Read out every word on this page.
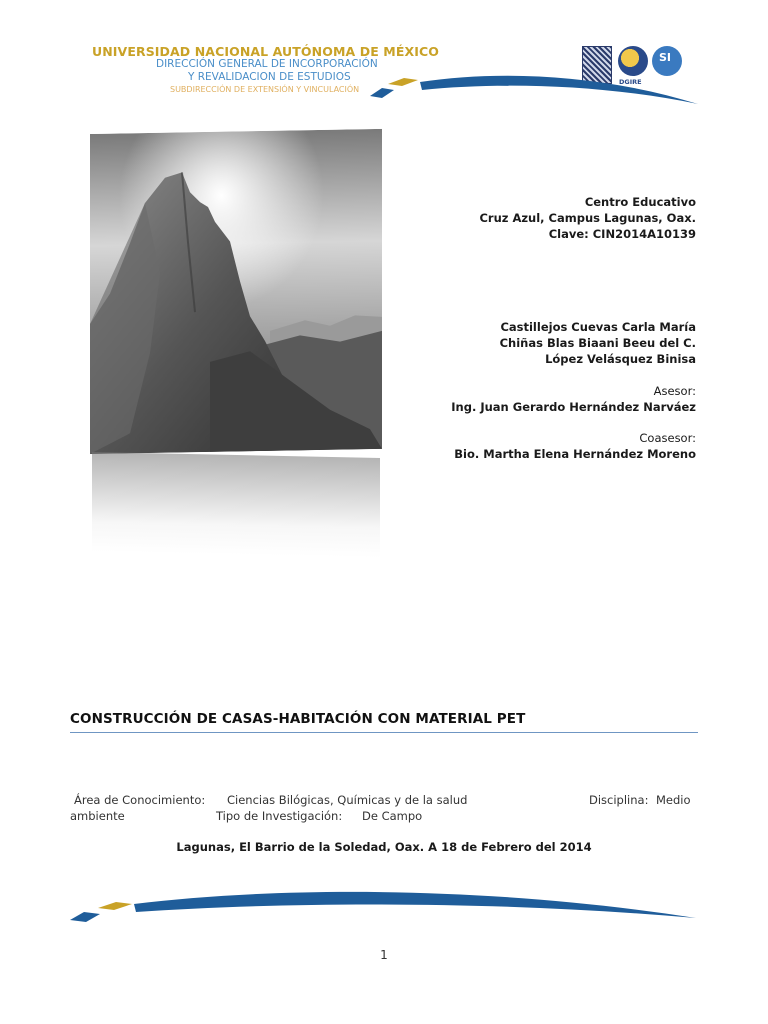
UNIVERSIDAD NACIONAL AUTÓNOMA DE MÉXICO
DIRECCIÓN GENERAL DE INCORPORACIÓN
Y REVALIDACION DE ESTUDIOS
SUBDIRECCIÓN DE EXTENSIÓN Y VINCULACIÓN
DGIRE
SI
Centro Educativo
Cruz Azul, Campus Lagunas, Oax.
Clave: CIN2014A10139
Castillejos Cuevas Carla María
Chiñas Blas Biaani Beeu del C.
López Velásquez Binisa
Asesor:
Ing. Juan Gerardo Hernández Narváez
Coasesor:
Bio. Martha Elena Hernández Moreno
CONSTRUCCIÓN DE CASAS-HABITACIÓN CON MATERIAL PET
Área de Conocimiento: Ciencias Bilógicas, Químicas y de la salud	Disciplina: Medio
ambiente	Tipo de Investigación: De Campo
Lagunas, El Barrio de la Soledad, Oax. A 18 de Febrero del 2014
1
